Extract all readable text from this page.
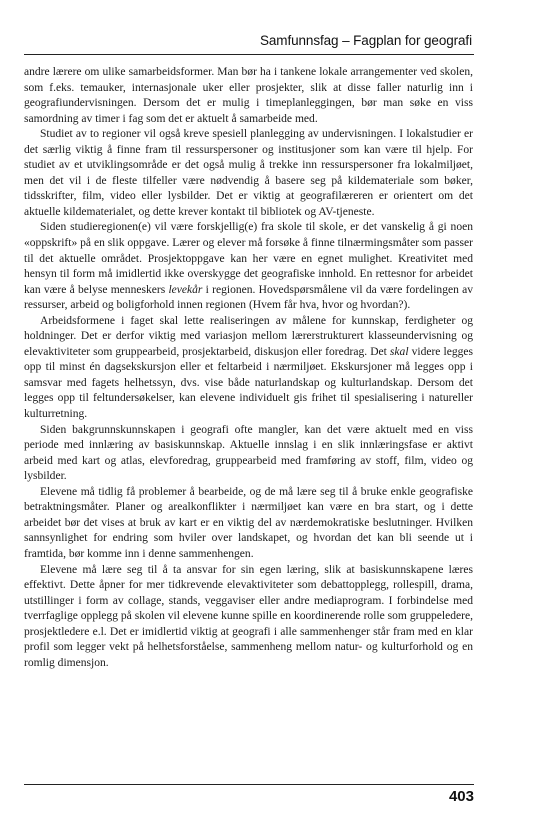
Samfunnsfag – Fagplan for geografi

andre lærere om ulike samarbeidsformer. Man bør ha i tankene lokale arrangementer ved skolen, som f.eks. temauker, internasjonale uker eller prosjekter, slik at disse faller naturlig inn i geografiundervisningen. Dersom det er mulig i timeplanleggingen, bør man søke en viss samordning av timer i fag som det er aktuelt å samarbeide med.

Studiet av to regioner vil også kreve spesiell planlegging av undervisningen. I lokalstudier er det særlig viktig å finne fram til ressurspersoner og institusjoner som kan være til hjelp. For studiet av et utviklingsområde er det også mulig å trekke inn ressurspersoner fra lokalmiljøet, men det vil i de fleste tilfeller være nødvendig å basere seg på kildemateriale som bøker, tidsskrifter, film, video eller lysbilder. Det er viktig at geografilæreren er orientert om det aktuelle kildematerialet, og dette krever kontakt til bibliotek og AV-tjeneste.

Siden studieregionen(e) vil være forskjellig(e) fra skole til skole, er det vanskelig å gi noen «oppskrift» på en slik oppgave. Lærer og elever må forsøke å finne tilnærmingsmåter som passer til det aktuelle området. Prosjektoppgave kan her være en egnet mulighet. Kreativitet med hensyn til form må imidlertid ikke overskygge det geografiske innhold. En rettesnor for arbeidet kan være å belyse menneskers levekår i regionen. Hovedspørsmålene vil da være fordelingen av ressurser, arbeid og boligforhold innen regionen (Hvem får hva, hvor og hvordan?).

Arbeidsformene i faget skal lette realiseringen av målene for kunnskap, ferdigheter og holdninger. Det er derfor viktig med variasjon mellom lærerstrukturert klasseundervisning og elevaktiviteter som gruppearbeid, prosjektarbeid, diskusjon eller foredrag. Det skal videre legges opp til minst én dagsekskursjon eller et feltarbeid i nærmiljøet. Ekskursjoner må legges opp i samsvar med fagets helhetssyn, dvs. vise både naturlandskap og kulturlandskap. Dersom det legges opp til feltundersøkelser, kan elevene individuelt gis frihet til spesialisering i natureller kulturretning.

Siden bakgrunnskunnskapen i geografi ofte mangler, kan det være aktuelt med en viss periode med innlæring av basiskunnskap. Aktuelle innslag i en slik innlæringsfase er aktivt arbeid med kart og atlas, elevforedrag, gruppearbeid med framføring av stoff, film, video og lysbilder.

Elevene må tidlig få problemer å bearbeide, og de må lære seg til å bruke enkle geografiske betraktningsmåter. Planer og arealkonflikter i nærmiljøet kan være en bra start, og i dette arbeidet bør det vises at bruk av kart er en viktig del av nærdemokratiske beslutninger. Hvilken sannsynlighet for endring som hviler over landskapet, og hvordan det kan bli seende ut i framtida, bør komme inn i denne sammenhengen.

Elevene må lære seg til å ta ansvar for sin egen læring, slik at basiskunnskapene læres effektivt. Dette åpner for mer tidkrevende elevaktiviteter som debattopplegg, rollespill, drama, utstillinger i form av collage, stands, veggaviser eller andre mediaprogram. I forbindelse med tverrfaglige opplegg på skolen vil elevene kunne spille en koordinerende rolle som gruppeledere, prosjektledere e.l. Det er imidlertid viktig at geografi i alle sammenhenger står fram med en klar profil som legger vekt på helhetsforståelse, sammenheng mellom natur- og kulturforhold og en romlig dimensjon.

403
